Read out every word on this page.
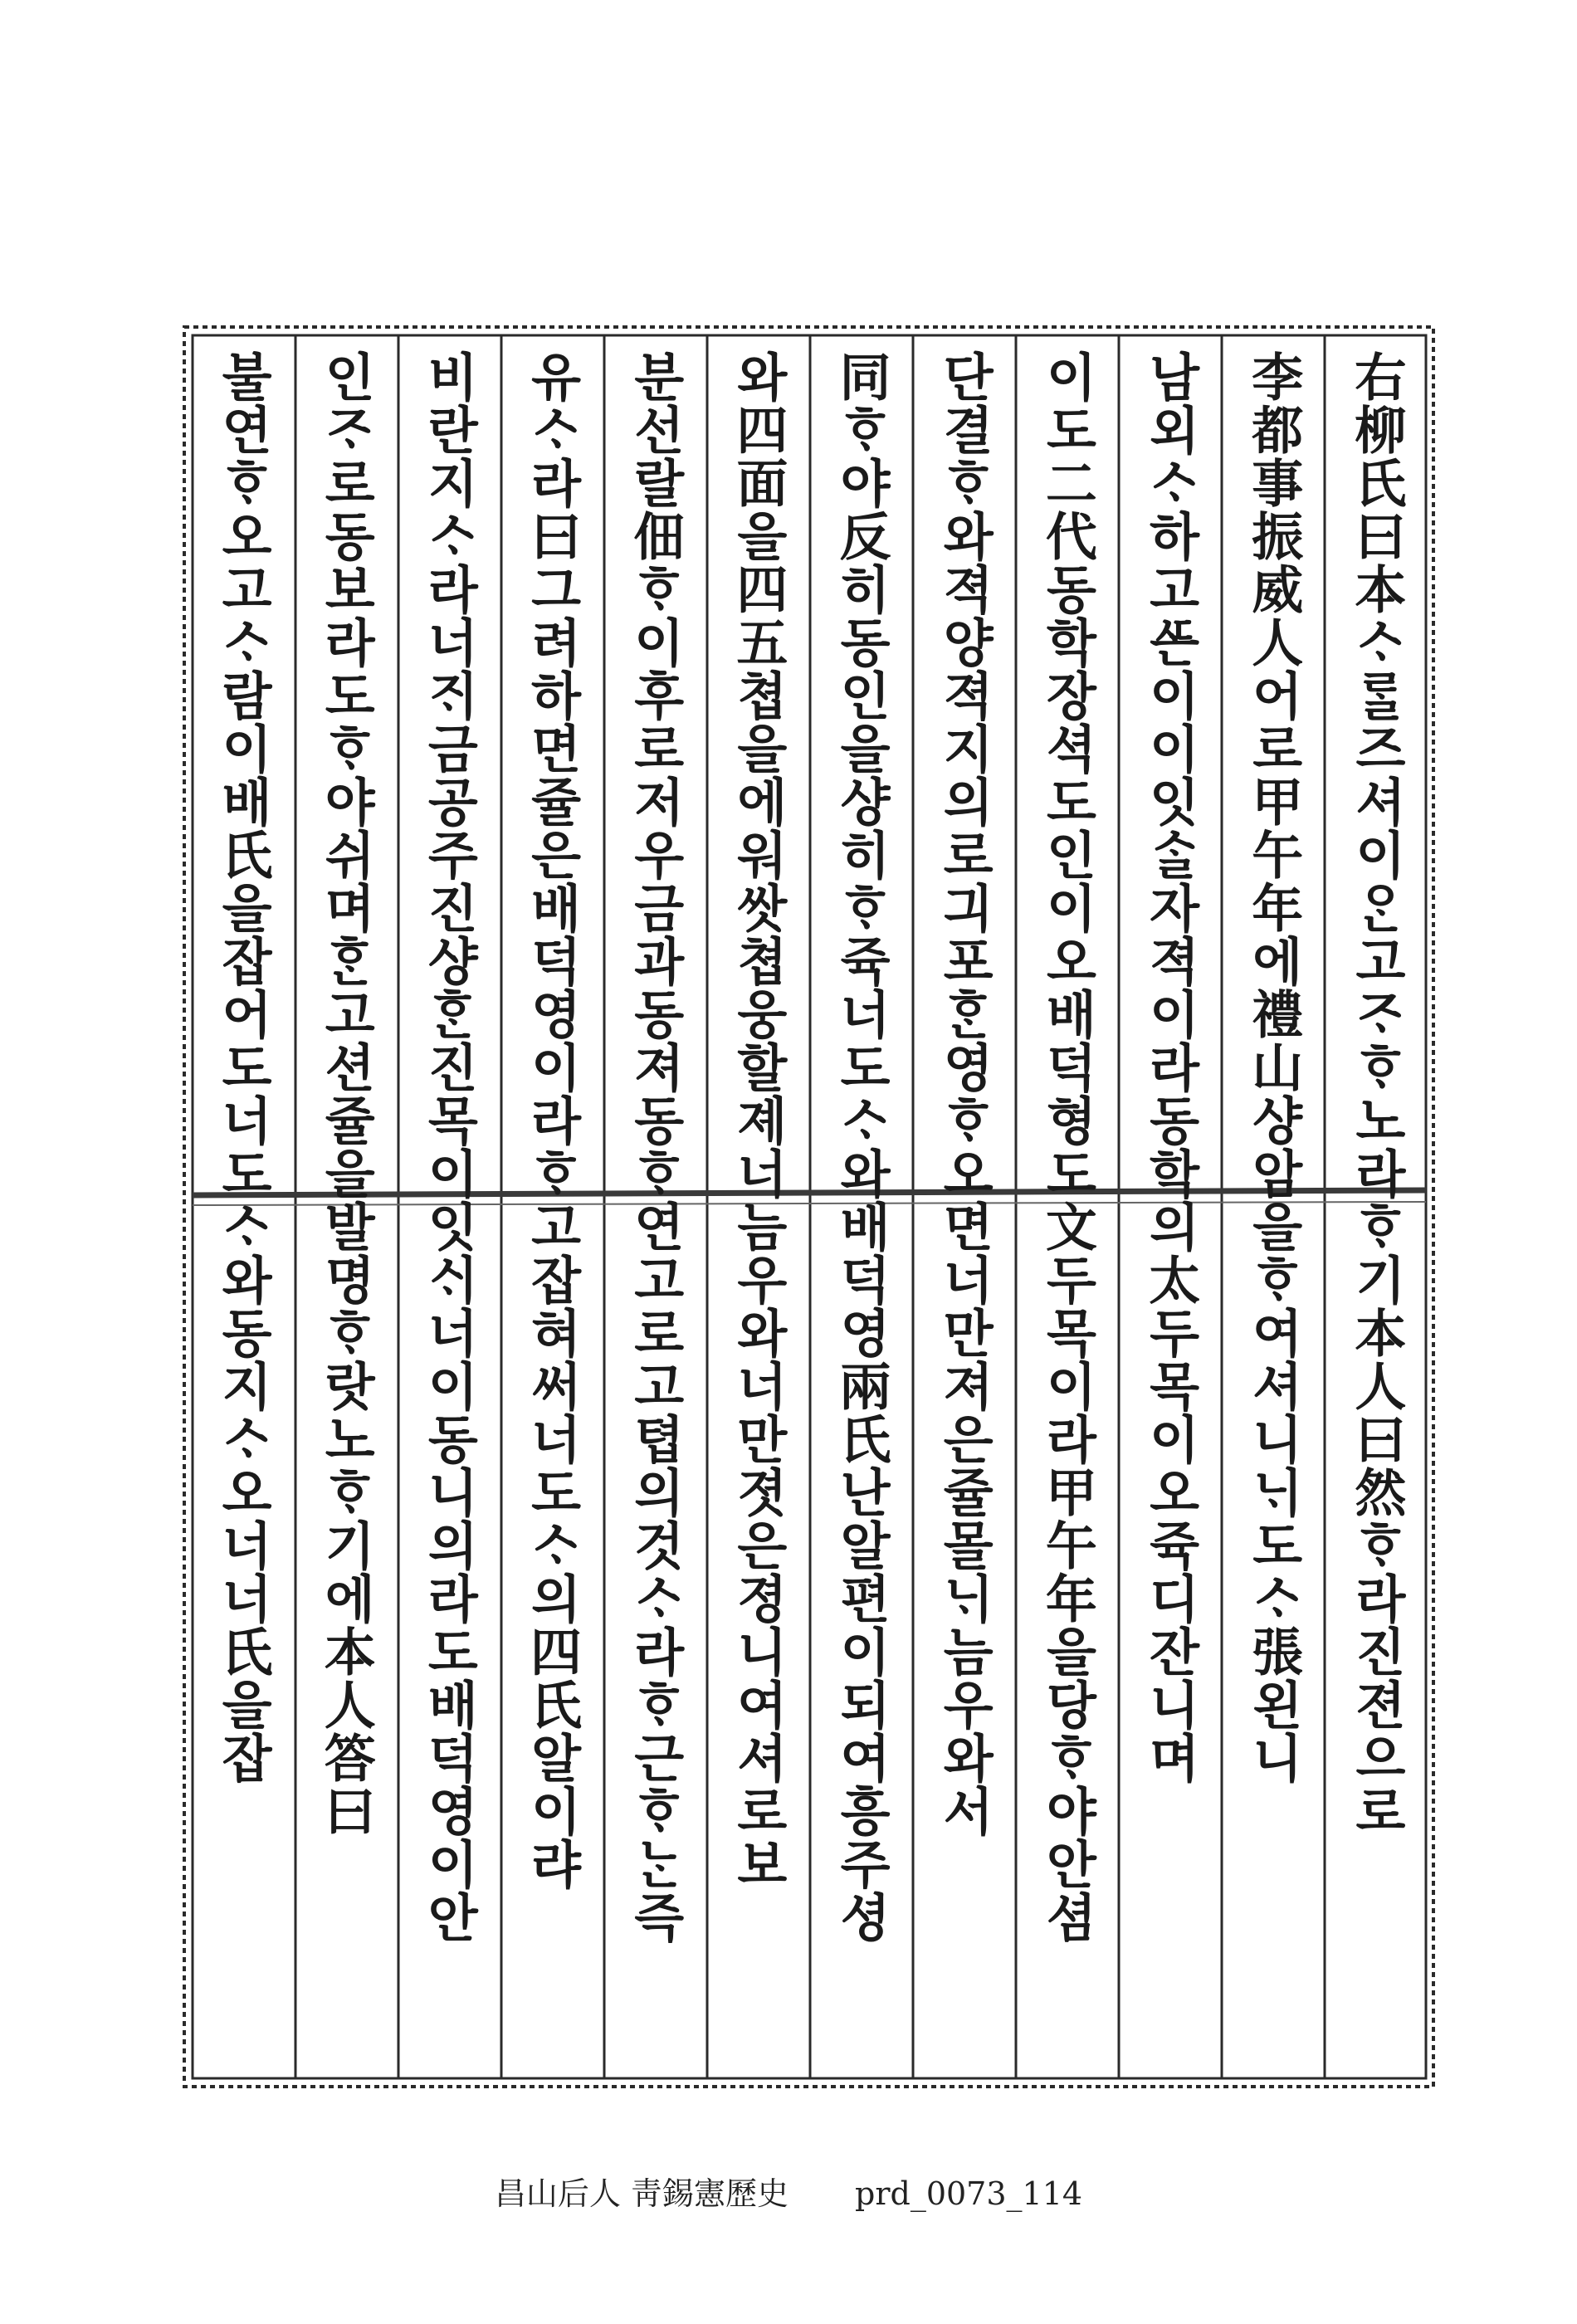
右柳氏曰本ᄉᆞᄅᆞᆯ즈셔이ᄋᆞᆫ고ᄌᆞᄒᆞ노라ᄒᆞ기本人曰然ᄒᆞ라진젼으로
李都事振威人어로甲午年에禮山샹암을ᄒᆞ여셔니ᄂᆡ도ᄉᆞ張왼니
남외ᄉᆞ하고ᄯᅩᆫ이이잇ᄉᆞᆯ자젹이라동학의太두목이오쥭디잔니며
이도二代동학장셕도인이오배덕형도文두목이라甲午年을당ᄒᆞ야안셤
단결ᄒᆞ와젹양젹지의로긔포ᄒᆞᆫ영ᄒᆞ오면너만져은쥴몰ᄂᆡ늠우와서
同ᄒᆞ야反히동인을샹히ᄒᆞ쥭너도ᄉᆞ와배덕영兩氏난알편이되여흥주셩
와四面을四五쳡을에워쌋쳡웅할졔너늠우와너만졋은졍니여셔로보
분선랄佃ᄒᆞ이후로저우금과동져동ᄒᆞ연고로고텹의것ᄉᆞ라ᄒᆞ근ᄒᆞᄂᆞᆫ즉
유ᄉᆞ라曰그려하면쥴은배덕영이라ᄒᆞ고잡혀써너도ᄉᆞ의四氏알이랴
비란지ᄉᆞ라너ᄌᆡ금공주진샹ᄒᆞᆫ진목이잇ᄉᆡ너이동니의라도배덕영이안
인ᄌᆞ로동보라도ᄒᆞ야쉬며ᄒᆞᆫ고션쥴을발명ᄒᆞ랏노ᄒᆞ기에本人答曰
불연ᄒᆞ오고ᄉᆞ람이배氏을잡어도너도ᄉᆞ와동지ᄉᆞ오너너氏을잡
昌山后人 靑錫憲歷史 prd_0073_114
